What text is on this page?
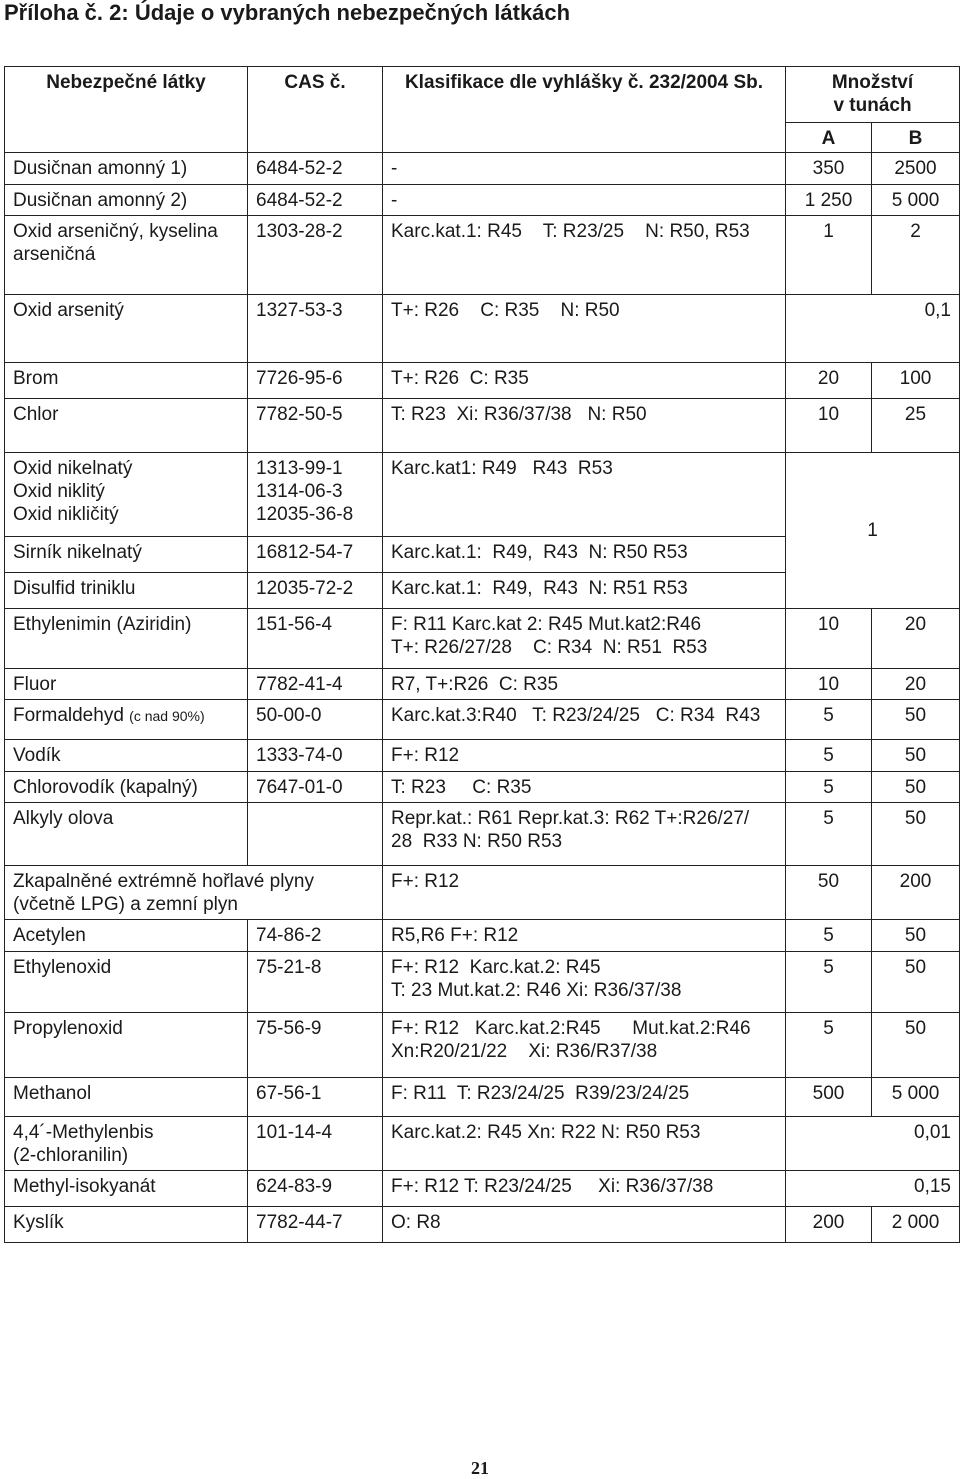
Příloha č. 2: Údaje o vybraných nebezpečných látkách
Nebezpečné látky	CAS č.	Klasifikace dle vyhlášky č. 232/2004 Sb.	Množství
v tunách	

			A	B
Dusičnan amonný 1)	6484-52-2	-	350	2500
Dusičnan amonný 2)	6484-52-2	-	1 250	5 000

Oxid arseničný, kyselina
arseničná	1303-28-2	Karc.kat.1: R45    T: R23/25    N: R50, R53	1	2
Oxid arsenitý	1327-53-3	T+: R26    C: R35    N: R50	0,1	
Brom	7726-95-6	T+: R26  C: R35	20	100
Chlor	7782-50-5	T: R23  Xi: R36/37/38   N: R50	10	25

Oxid nikelnatý
Oxid niklitý
Oxid nikličitý	1313-99-1
1314-06-3
12035-36-8	Karc.kat1: R49   R43  R53	1	
Sirník nikelnatý	16812-54-7	Karc.kat.1:  R49,  R43  N: R50 R53		
Disulfid triniklu	12035-72-2	Karc.kat.1:  R49,  R43  N: R51 R53		
Ethylenimin (Aziridin)	151-56-4	F: R11 Karc.kat 2: R45 Mut.kat2:R46
T+: R26/27/28    C: R34  N: R51  R53	10	20
Fluor	7782-41-4	R7, T+:R26  C: R35	10	20
Formaldehyd (c nad 90%)	50-00-0	Karc.kat.3:R40   T: R23/24/25   C: R34  R43	5	50
Vodík	1333-74-0	F+: R12	5	50
Chlorovodík (kapalný)	7647-01-0	T: R23     C: R35	5	50
Alkyly olova		Repr.kat.: R61 Repr.kat.3: R62 T+:R26/27/
28  R33 N: R50 R53	5	50

Zkapalněné extrémně hořlavé plyny
(včetně LPG) a zemní plyn		F+: R12	50	200
Acetylen	74-86-2	R5,R6 F+: R12	5	50
Ethylenoxid	75-21-8	F+: R12  Karc.kat.2: R45
T: 23 Mut.kat.2: R46 Xi: R36/37/38	5	50
Propylenoxid	75-56-9	F+: R12   Karc.kat.2:R45      Mut.kat.2:R46
Xn:R20/21/22    Xi: R36/R37/38	5	50
Methanol	67-56-1	F: R11  T: R23/24/25  R39/23/24/25	500	5 000

4,4´-Methylenbis
(2-chloranilin)	101-14-4	Karc.kat.2: R45 Xn: R22 N: R50 R53	0,01	
Methyl-isokyanát	624-83-9	F+: R12 T: R23/24/25     Xi: R36/37/38	0,15	
Kyslík	7782-44-7	O: R8	200	2 000
21
